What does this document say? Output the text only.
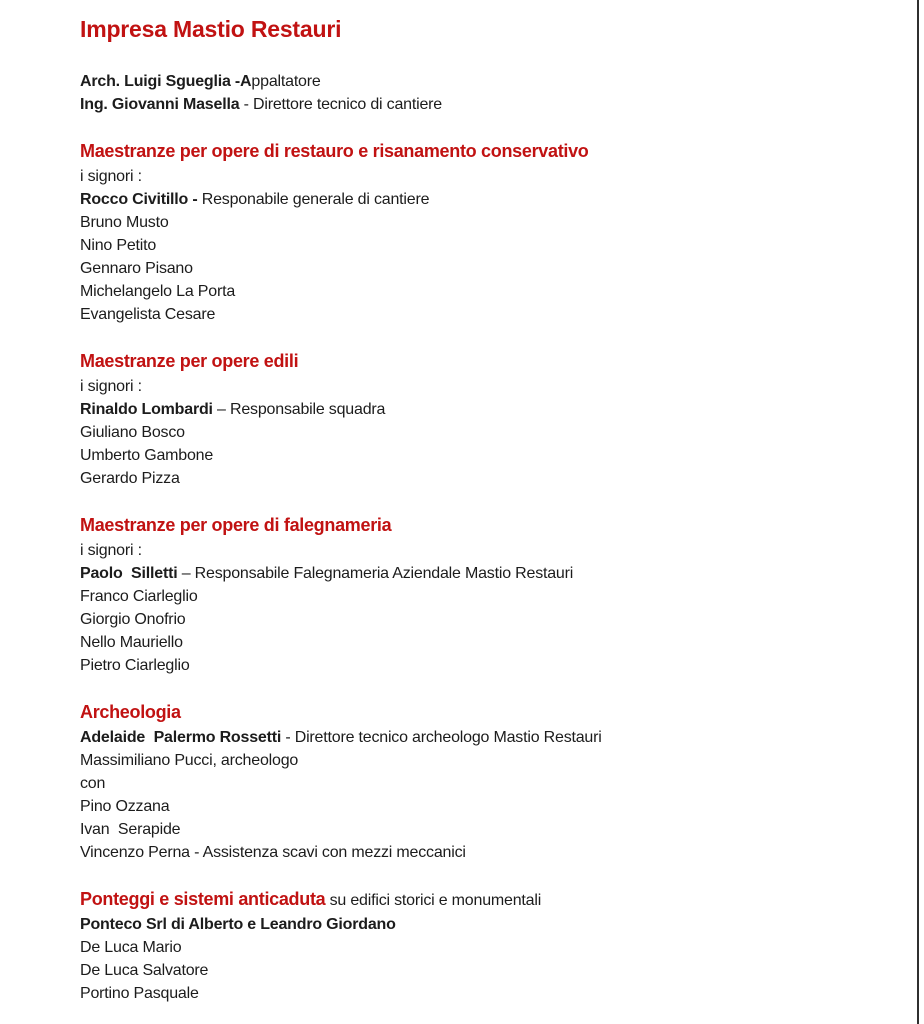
Impresa Mastio Restauri

Arch. Luigi Sgueglia -Appaltatore

Ing. Giovanni Masella - Direttore tecnico di cantiere

Maestranze per opere di restauro e risanamento conservativo

i signori :

Rocco Civitillo - Responabile generale di cantiere

Bruno Musto

Nino Petito

Gennaro Pisano

Michelangelo La Porta

Evangelista Cesare

Maestranze per opere edili

i signori :

Rinaldo Lombardi – Responsabile squadra

Giuliano Bosco

Umberto Gambone

Gerardo Pizza

Maestranze per opere di falegnameria

i signori :

Paolo  Silletti – Responsabile Falegnameria Aziendale Mastio Restauri

Franco Ciarleglio

Giorgio Onofrio

Nello Mauriello

Pietro Ciarleglio

Archeologia

Adelaide  Palermo Rossetti - Direttore tecnico archeologo Mastio Restauri

Massimiliano Pucci, archeologo

con

Pino Ozzana

Ivan  Serapide

Vincenzo Perna - Assistenza scavi con mezzi meccanici

Ponteggi e sistemi anticaduta su edifici storici e monumentali

Ponteco Srl di Alberto e Leandro Giordano

De Luca Mario

De Luca Salvatore

Portino Pasquale
